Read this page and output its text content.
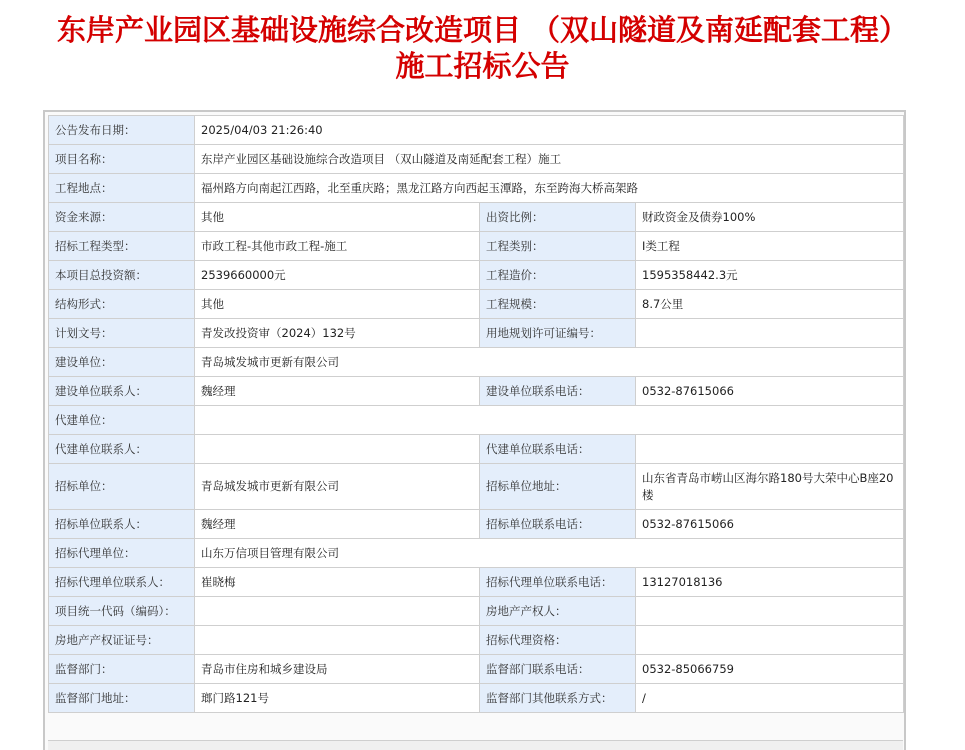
东岸产业园区基础设施综合改造项目 （双山隧道及南延配套工程）
施工招标公告
公告发布日期：	2025/04/03 21:26:40		
项目名称：	东岸产业园区基础设施综合改造项目 （双山隧道及南延配套工程）施工		
工程地点：	福州路方向南起江西路，北至重庆路；黑龙江路方向西起玉潭路，东至跨海大桥高架路		
资金来源：	其他	出资比例：	财政资金及债券100%
招标工程类型：	市政工程-其他市政工程-施工	工程类别：	Ⅰ类工程
本项目总投资额：	2539660000元	工程造价：	1595358442.3元
结构形式：	其他	工程规模：	8.7公里
计划文号：	青发改投资审（2024）132号	用地规划许可证编号：	
建设单位：	青岛城发城市更新有限公司		
建设单位联系人：	魏经理	建设单位联系电话：	0532-87615066
代建单位：			
代建单位联系人：		代建单位联系电话：	
招标单位：	青岛城发城市更新有限公司	招标单位地址：	山东省青岛市崂山区海尔路180号大荣中心B座20楼
招标单位联系人：	魏经理	招标单位联系电话：	0532-87615066
招标代理单位：	山东万信项目管理有限公司		
招标代理单位联系人：	崔晓梅	招标代理单位联系电话：	13127018136
项目统一代码（编码）：		房地产产权人：	
房地产产权证证号：		招标代理资格：	
监督部门：	青岛市住房和城乡建设局	监督部门联系电话：	0532-85066759
监督部门地址：	瑯门路121号	监督部门其他联系方式：	/
